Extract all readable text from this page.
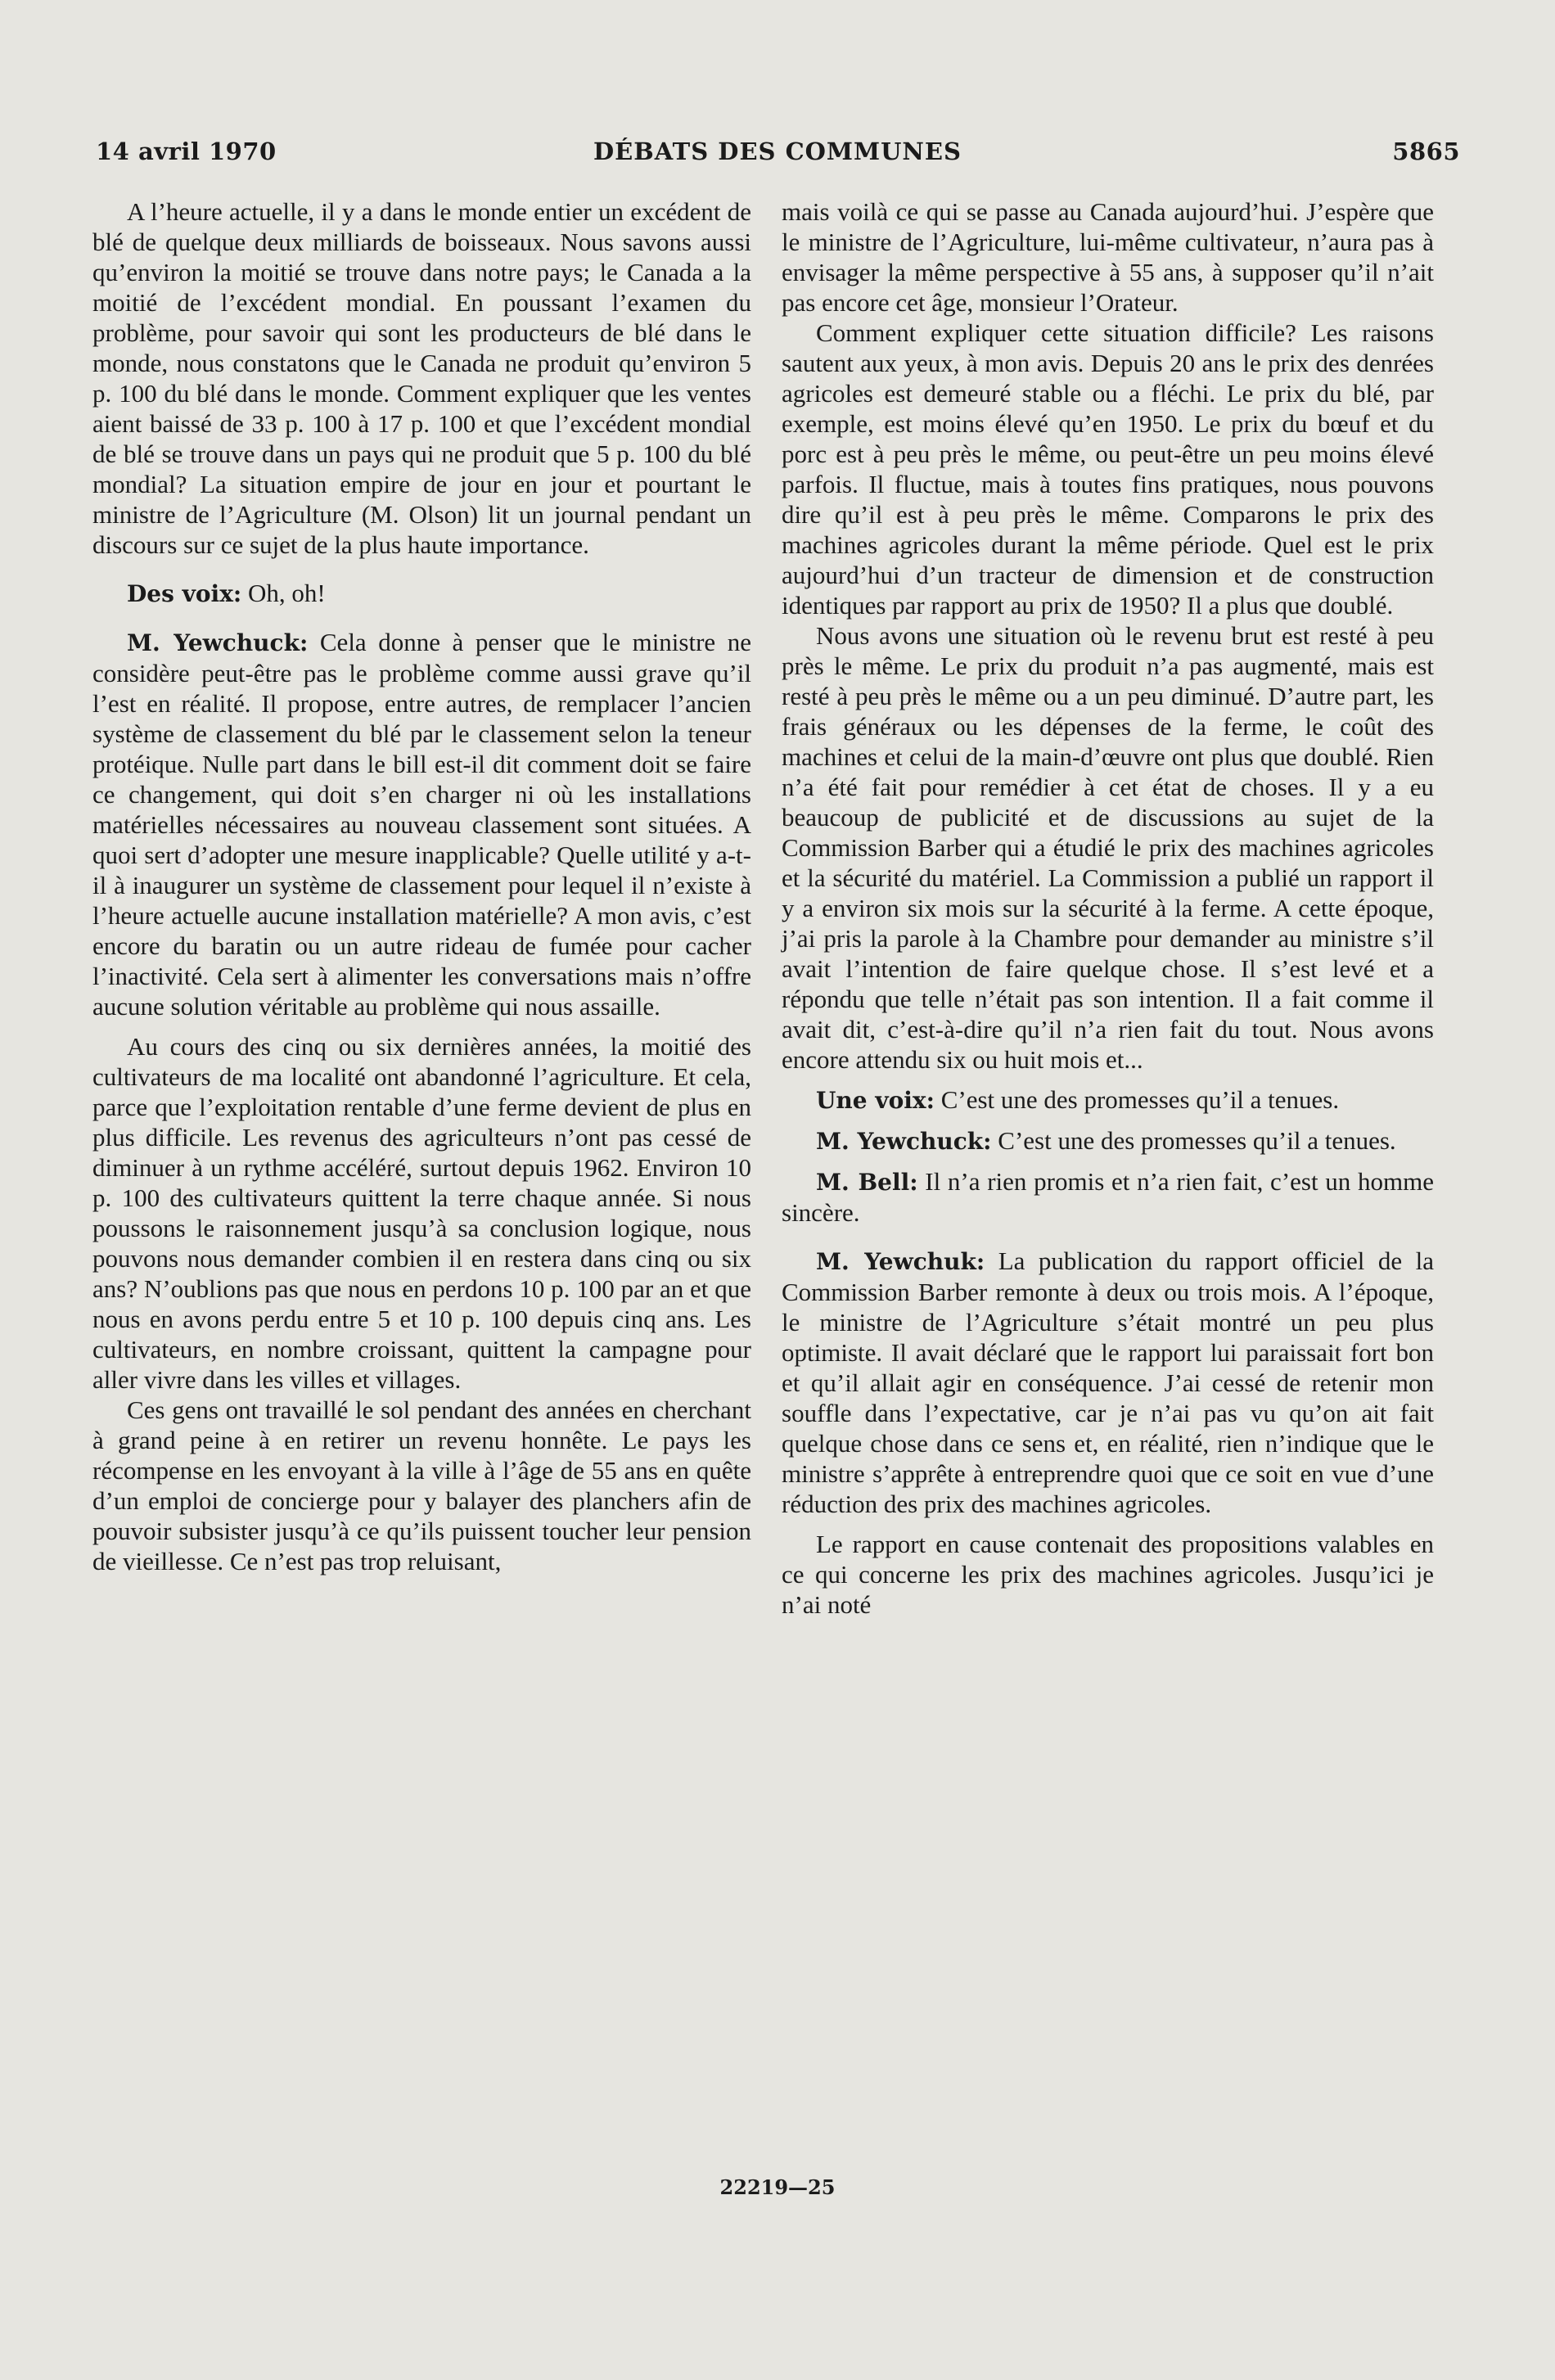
DÉBATS DES COMMUNES
14 avril 1970	5865

A l’heure actuelle, il y a dans le monde entier un excédent de blé de quelque deux milliards de boisseaux. Nous savons aussi qu’environ la moitié se trouve dans notre pays; le Canada a la moitié de l’excédent mondial. En poussant l’examen du problème, pour savoir qui sont les producteurs de blé dans le monde, nous constatons que le Canada ne produit qu’environ 5 p. 100 du blé dans le monde. Comment expliquer que les ventes aient baissé de 33 p. 100 à 17 p. 100 et que l’excédent mondial de blé se trouve dans un pays qui ne produit que 5 p. 100 du blé mondial? La situation empire de jour en jour et pourtant le ministre de l’Agriculture (M. Olson) lit un journal pendant un discours sur ce sujet de la plus haute importance.

Des voix: Oh, oh!

M. Yewchuck: Cela donne à penser que le ministre ne considère peut-être pas le problème comme aussi grave qu’il l’est en réalité. Il propose, entre autres, de remplacer l’ancien système de classement du blé par le classement selon la teneur protéique. Nulle part dans le bill est-il dit comment doit se faire ce changement, qui doit s’en charger ni où les installations matérielles nécessaires au nouveau classement sont situées. A quoi sert d’adopter une mesure inapplicable? Quelle utilité y a-t-il à inaugurer un système de classement pour lequel il n’existe à l’heure actuelle aucune installation matérielle? A mon avis, c’est encore du baratin ou un autre rideau de fumée pour cacher l’inactivité. Cela sert à alimenter les conversations mais n’offre aucune solution véritable au problème qui nous assaille.

Au cours des cinq ou six dernières années, la moitié des cultivateurs de ma localité ont abandonné l’agriculture. Et cela, parce que l’exploitation rentable d’une ferme devient de plus en plus difficile. Les revenus des agriculteurs n’ont pas cessé de diminuer à un rythme accéléré, surtout depuis 1962. Environ 10 p. 100 des cultivateurs quittent la terre chaque année. Si nous poussons le raisonnement jusqu’à sa conclusion logique, nous pouvons nous demander combien il en restera dans cinq ou six ans? N’oublions pas que nous en perdons 10 p. 100 par an et que nous en avons perdu entre 5 et 10 p. 100 depuis cinq ans. Les cultivateurs, en nombre croissant, quittent la campagne pour aller vivre dans les villes et villages.

Ces gens ont travaillé le sol pendant des années en cherchant à grand peine à en retirer un revenu honnête. Le pays les récompense en les envoyant à la ville à l’âge de 55 ans en quête d’un emploi de concierge pour y balayer des planchers afin de pouvoir subsister jusqu’à ce qu’ils puissent toucher leur pension de vieillesse. Ce n’est pas trop reluisant,

mais voilà ce qui se passe au Canada aujourd’hui. J’espère que le ministre de l’Agriculture, lui-même cultivateur, n’aura pas à envisager la même perspective à 55 ans, à supposer qu’il n’ait pas encore cet âge, monsieur l’Orateur.

Comment expliquer cette situation difficile? Les raisons sautent aux yeux, à mon avis. Depuis 20 ans le prix des denrées agricoles est demeuré stable ou a fléchi. Le prix du blé, par exemple, est moins élevé qu’en 1950. Le prix du bœuf et du porc est à peu près le même, ou peut-être un peu moins élevé parfois. Il fluctue, mais à toutes fins pratiques, nous pouvons dire qu’il est à peu près le même. Comparons le prix des machines agricoles durant la même période. Quel est le prix aujourd’hui d’un tracteur de dimension et de construction identiques par rapport au prix de 1950? Il a plus que doublé.

Nous avons une situation où le revenu brut est resté à peu près le même. Le prix du produit n’a pas augmenté, mais est resté à peu près le même ou a un peu diminué. D’autre part, les frais généraux ou les dépenses de la ferme, le coût des machines et celui de la main-d’œuvre ont plus que doublé. Rien n’a été fait pour remédier à cet état de choses. Il y a eu beaucoup de publicité et de discussions au sujet de la Commission Barber qui a étudié le prix des machines agricoles et la sécurité du matériel. La Commission a publié un rapport il y a environ six mois sur la sécurité à la ferme. A cette époque, j’ai pris la parole à la Chambre pour demander au ministre s’il avait l’intention de faire quelque chose. Il s’est levé et a répondu que telle n’était pas son intention. Il a fait comme il avait dit, c’est-à-dire qu’il n’a rien fait du tout. Nous avons encore attendu six ou huit mois et...

Une voix: C’est une des promesses qu’il a tenues.

M. Yewchuck: C’est une des promesses qu’il a tenues.

M. Bell: Il n’a rien promis et n’a rien fait, c’est un homme sincère.

M. Yewchuk: La publication du rapport officiel de la Commission Barber remonte à deux ou trois mois. A l’époque, le ministre de l’Agriculture s’était montré un peu plus optimiste. Il avait déclaré que le rapport lui paraissait fort bon et qu’il allait agir en conséquence. J’ai cessé de retenir mon souffle dans l’expectative, car je n’ai pas vu qu’on ait fait quelque chose dans ce sens et, en réalité, rien n’indique que le ministre s’apprête à entreprendre quoi que ce soit en vue d’une réduction des prix des machines agricoles.

Le rapport en cause contenait des propositions valables en ce qui concerne les prix des machines agricoles. Jusqu’ici je n’ai noté

22219—25
